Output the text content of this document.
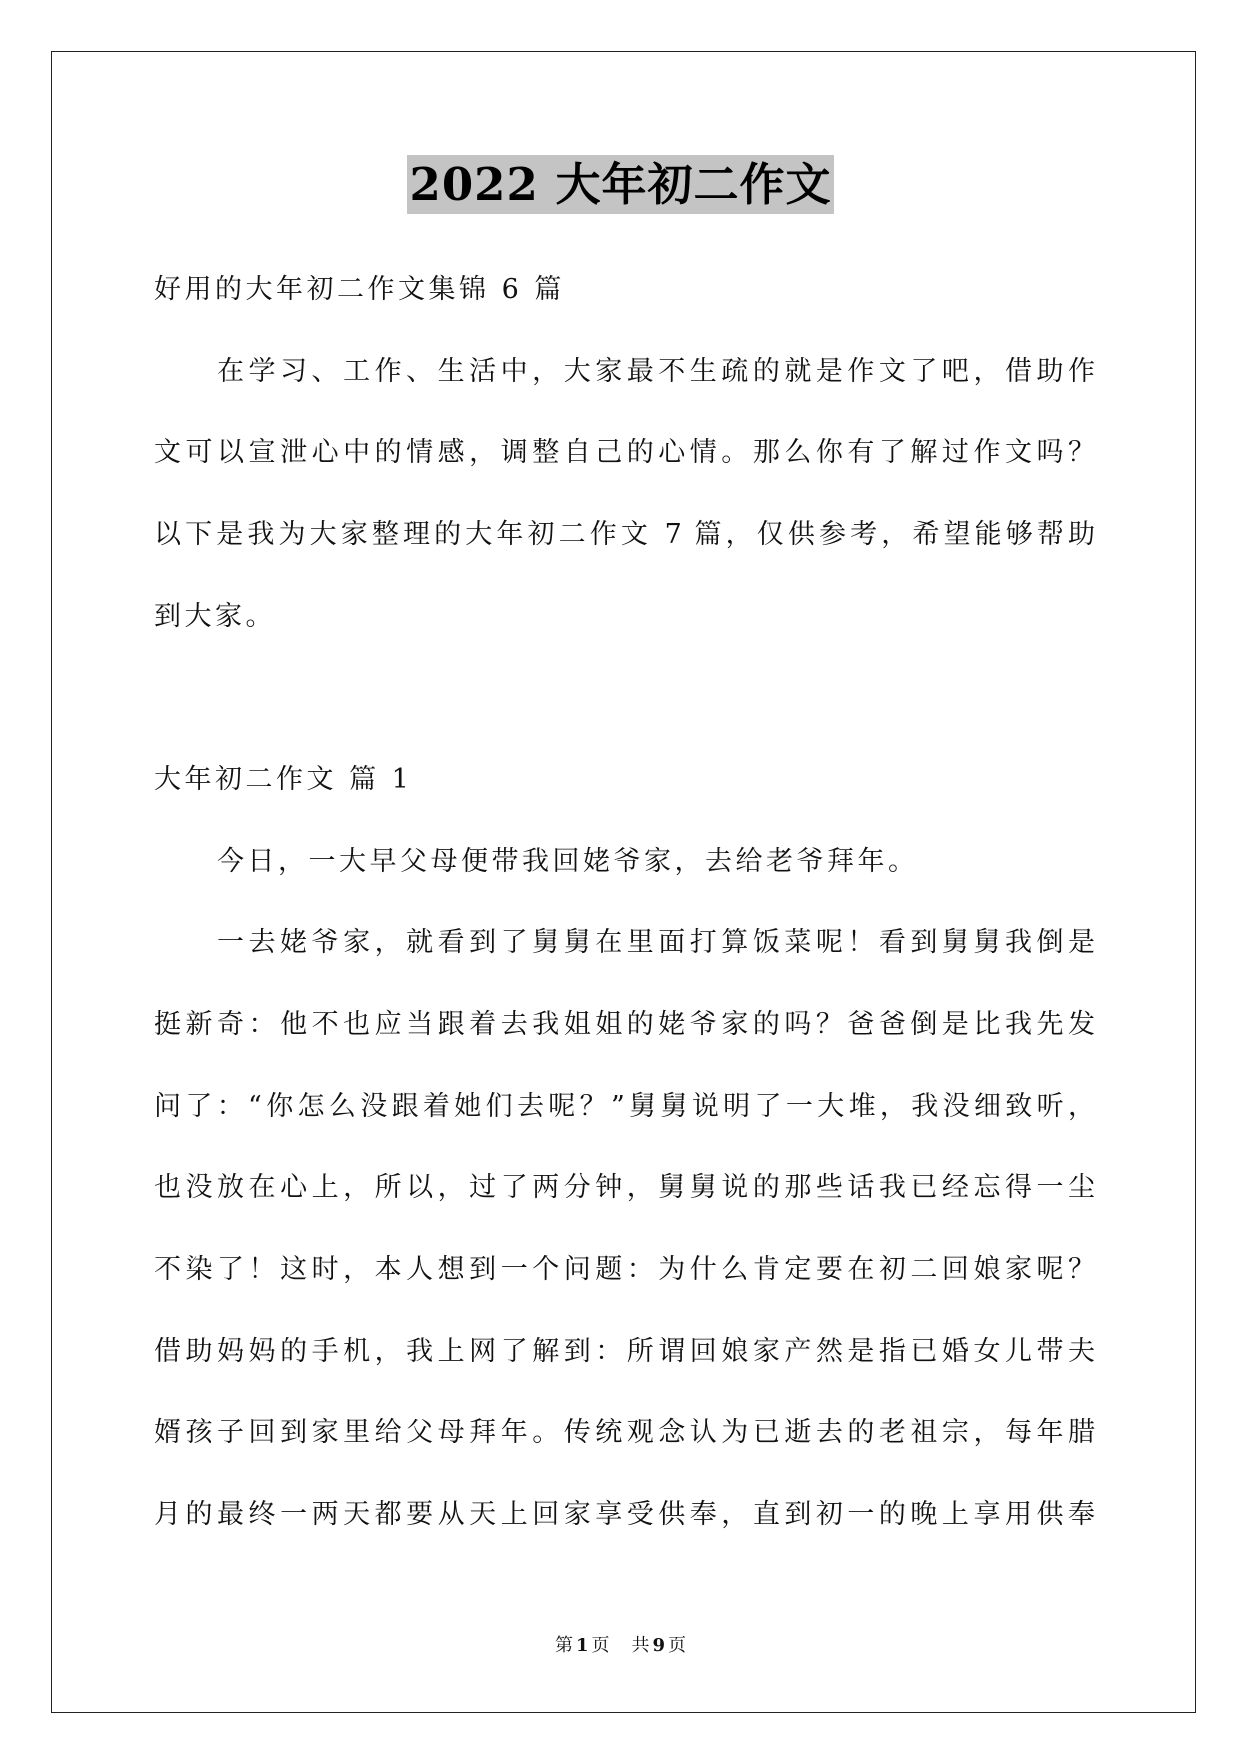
2022 大年初二作文
好用的大年初二作文集锦 6 篇
在学习、工作、生活中，大家最不生疏的就是作文了吧，借助作
文可以宣泄心中的情感，调整自己的心情。那么你有了解过作文吗？
以下是我为大家整理的大年初二作文 7 篇，仅供参考，希望能够帮助
到大家。
大年初二作文 篇 1
今日，一大早父母便带我回姥爷家，去给老爷拜年。
一去姥爷家，就看到了舅舅在里面打算饭菜呢！看到舅舅我倒是
挺新奇：他不也应当跟着去我姐姐的姥爷家的吗？爸爸倒是比我先发
问了：“你怎么没跟着她们去呢？”舅舅说明了一大堆，我没细致听，
也没放在心上，所以，过了两分钟，舅舅说的那些话我已经忘得一尘
不染了！这时，本人想到一个问题：为什么肯定要在初二回娘家呢？
借助妈妈的手机，我上网了解到：所谓回娘家产然是指已婚女儿带夫
婿孩子回到家里给父母拜年。传统观念认为已逝去的老祖宗，每年腊
月的最终一两天都要从天上回家享受供奉，直到初一的晚上享用供奉
第 1 页 共 9 页
